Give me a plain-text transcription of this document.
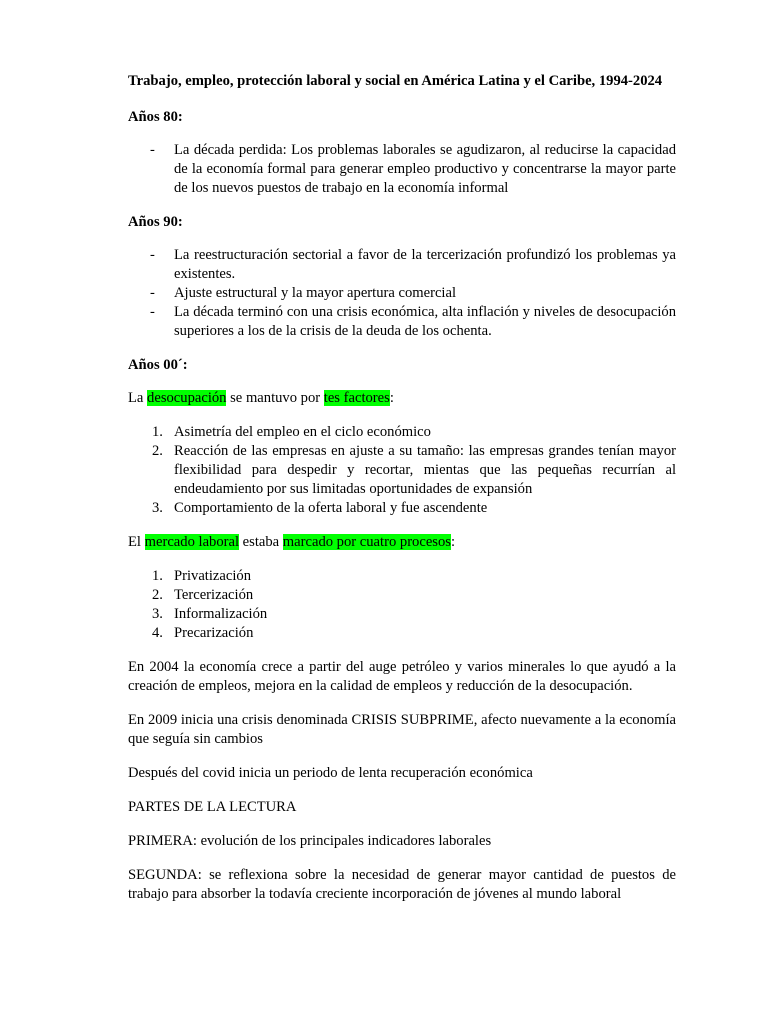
Trabajo, empleo, protección laboral y social en América Latina y el Caribe, 1994-2024

Años 80:

- La década perdida: Los problemas laborales se agudizaron, al reducirse la capacidad de la economía formal para generar empleo productivo y concentrarse la mayor parte de los nuevos puestos de trabajo en la economía informal

Años 90:

- La reestructuración sectorial a favor de la tercerización profundizó los problemas ya existentes.
- Ajuste estructural y la mayor apertura comercial
- La década terminó con una crisis económica, alta inflación y niveles de desocupación superiores a los de la crisis de la deuda de los ochenta.

Años 00´:

La desocupación se mantuvo por tes factores:

1. Asimetría del empleo en el ciclo económico
2. Reacción de las empresas en ajuste a su tamaño: las empresas grandes tenían mayor flexibilidad para despedir y recortar, mientas que las pequeñas recurrían al endeudamiento por sus limitadas oportunidades de expansión
3. Comportamiento de la oferta laboral y fue ascendente

El mercado laboral estaba marcado por cuatro procesos:

1. Privatización
2. Tercerización
3. Informalización
4. Precarización

En 2004 la economía crece a partir del auge petróleo y varios minerales lo que ayudó a la creación de empleos, mejora en la calidad de empleos y reducción de la desocupación.

En 2009 inicia una crisis denominada CRISIS SUBPRIME, afecto nuevamente a la economía que seguía sin cambios

Después del covid inicia un periodo de lenta recuperación económica

PARTES DE LA LECTURA

PRIMERA: evolución de los principales indicadores laborales

SEGUNDA: se reflexiona sobre la necesidad de generar mayor cantidad de puestos de trabajo para absorber la todavía creciente incorporación de jóvenes al mundo laboral
